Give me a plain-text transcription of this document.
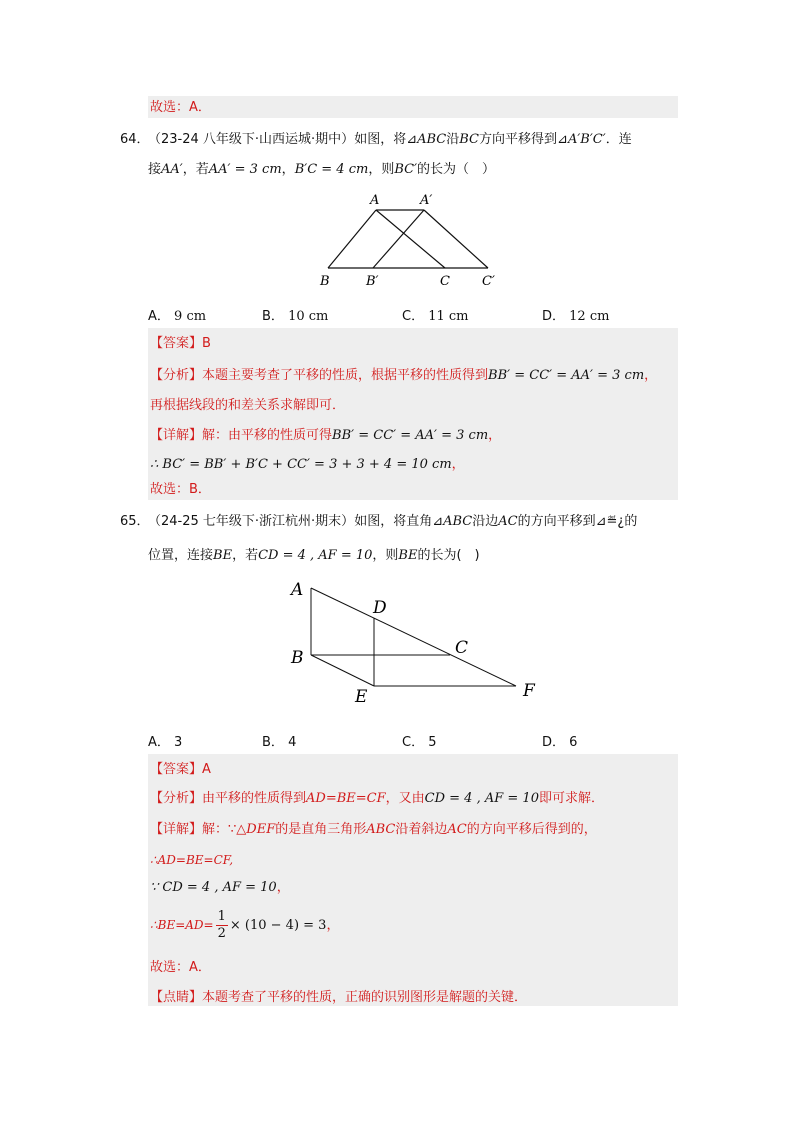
故选：A．
64．
（23-24 八年级下·山西运城·期中）如图，将⊿ABC沿BC方向平移得到⊿A′B′C′．连
接AA′，若AA′ = 3 cm，B′C = 4 cm，则BC′的长为（　）
A	A′
B	B′	C C′
A． 9 cm	B． 10 cm	C． 11 cm	D． 12 cm
【答案】B
【分析】本题主要考查了平移的性质，根据平移的性质得到BB′ = CC′ = AA′ = 3 cm，
再根据线段的和差关系求解即可．
【详解】解：由平移的性质可得BB′ = CC′ = AA′ = 3 cm，
∴ BC′ = BB′ + B′C + CC′ = 3 + 3 + 4 = 10 cm，
故选：B．
65．
（24-25 七年级下·浙江杭州·期末）如图，将直角⊿ABC沿边AC的方向平移到⊿≝¿的
位置，连接BE，若CD = 4 , AF = 10，则BE的长为(　)
A
B	C
D
E	F
A． 3	B． 4	C． 5	D． 6
【答案】A
【分析】由平移的性质得到AD=BE=CF，又由CD = 4 , AF = 10即可求解．
【详解】解：∵△DEF的是直角三角形ABC沿着斜边AC的方向平移后得到的，
∴AD=BE=CF,
∵ CD = 4 , AF = 10，
∴BE=AD= $\frac{1}{2} \times (10 - 4) = 3$，
故选：A．
【点睛】本题考查了平移的性质，正确的识别图形是解题的关键．
